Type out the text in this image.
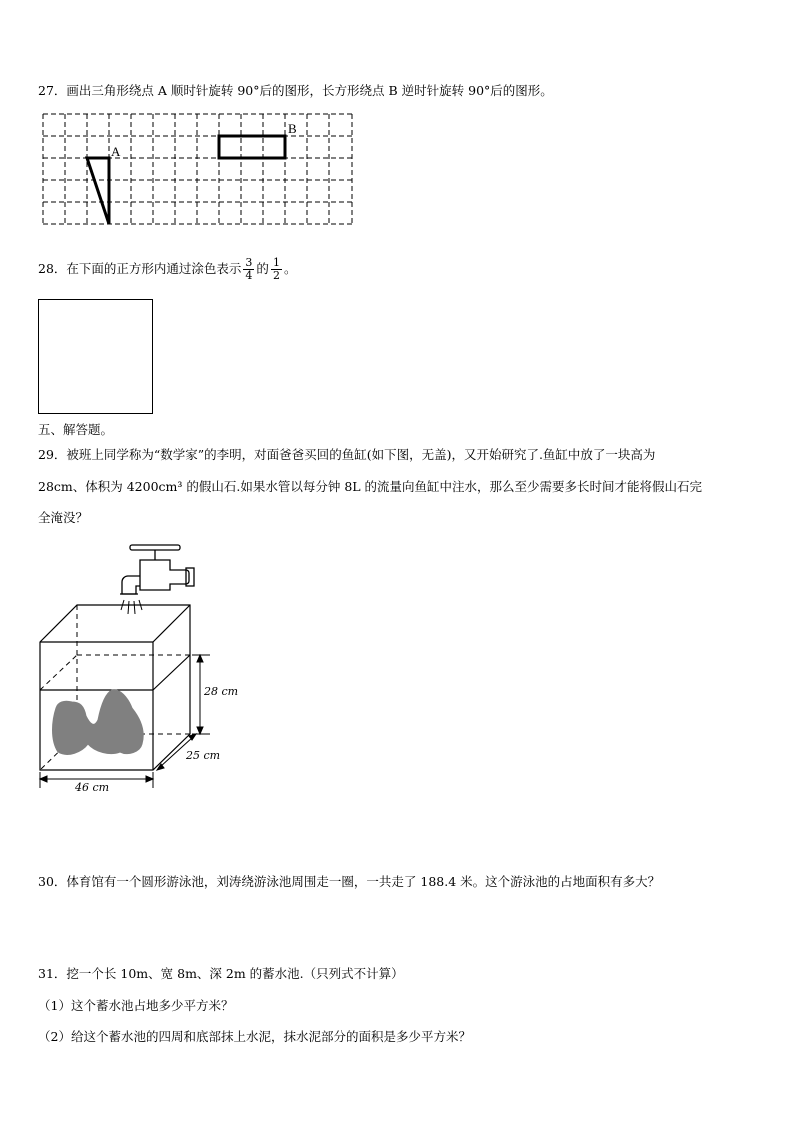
27．画出三角形绕点 A 顺时针旋转 90°后的图形，长方形绕点 B 逆时针旋转 90°后的图形。
A
B
28．在下面的正方形内通过涂色表示 $\frac{3}{4}$ 的 $\frac{1}{2}$ 。
五、解答题。
29．被班上同学称为“数学家”的李明，对面爸爸买回的鱼缸(如下图，无盖)，又开始研究了.鱼缸中放了一块高为
28cm、体积为 4200cm³ 的假山石.如果水管以每分钟 8L 的流量向鱼缸中注水，那么至少需要多长时间才能将假山石完
全淹没？
28 cm
25 cm
46 cm
30．体育馆有一个圆形游泳池，刘涛绕游泳池周围走一圈，一共走了 188.4 米。这个游泳池的占地面积有多大？
31．挖一个长 10m、宽 8m、深 2m 的蓄水池.（只列式不计算）
（1）这个蓄水池占地多少平方米？
（2）给这个蓄水池的四周和底部抹上水泥，抹水泥部分的面积是多少平方米？
